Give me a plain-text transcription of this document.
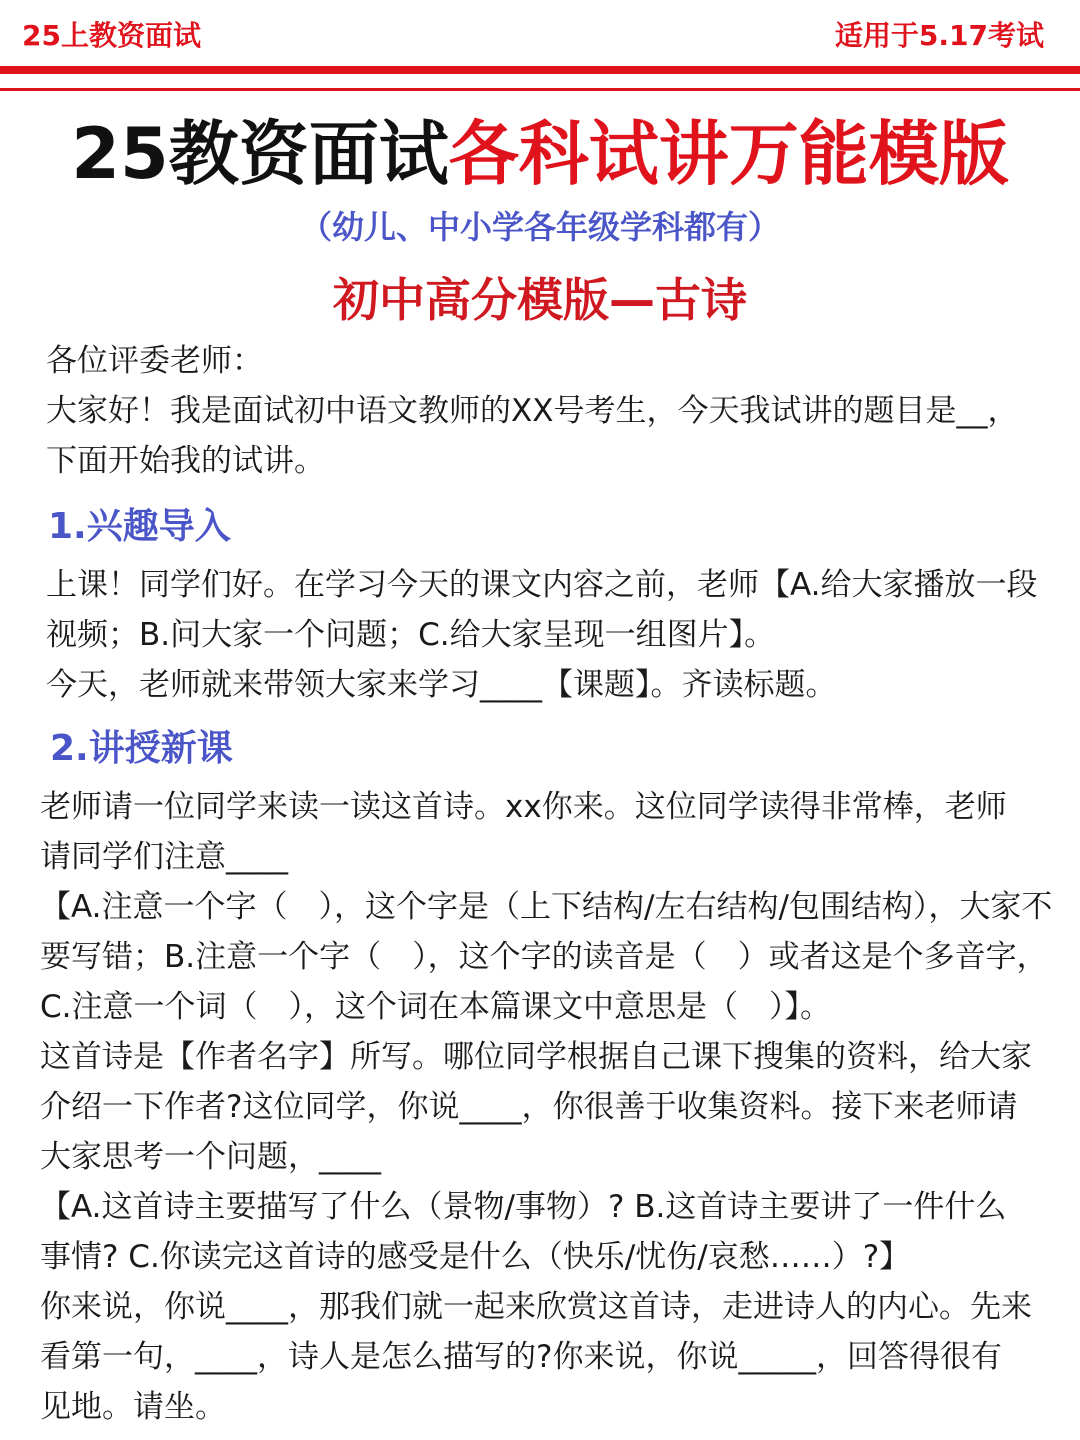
25上教资面试	适用于5.17考试
25教资面试各科试讲万能模版
（幼儿、中小学各年级学科都有）
初中高分模版—古诗
各位评委老师：
大家好！我是面试初中语文教师的XX号考生，今天我试讲的题目是__，
下面开始我的试讲。
1.兴趣导入
上课！同学们好。在学习今天的课文内容之前，老师【A.给大家播放一段
视频；B.问大家一个问题；C.给大家呈现一组图片】。
今天，老师就来带领大家来学习____【课题】。齐读标题。
2.讲授新课
老师请一位同学来读一读这首诗。xx你来。这位同学读得非常棒，老师
请同学们注意____
【A.注意一个字（　），这个字是（上下结构/左右结构/包围结构），大家不
要写错；B.注意一个字（　），这个字的读音是（　）或者这是个多音字，
C.注意一个词（　），这个词在本篇课文中意思是（　）】。
这首诗是【作者名字】所写。哪位同学根据自己课下搜集的资料，给大家
介绍一下作者?这位同学，你说____，你很善于收集资料。接下来老师请
大家思考一个问题，____
【A.这首诗主要描写了什么（景物/事物）? B.这首诗主要讲了一件什么
事情? C.你读完这首诗的感受是什么（快乐/忧伤/哀愁……）?】
你来说，你说____，那我们就一起来欣赏这首诗，走进诗人的内心。先来
看第一句，____，诗人是怎么描写的?你来说，你说_____，回答得很有
见地。请坐。
